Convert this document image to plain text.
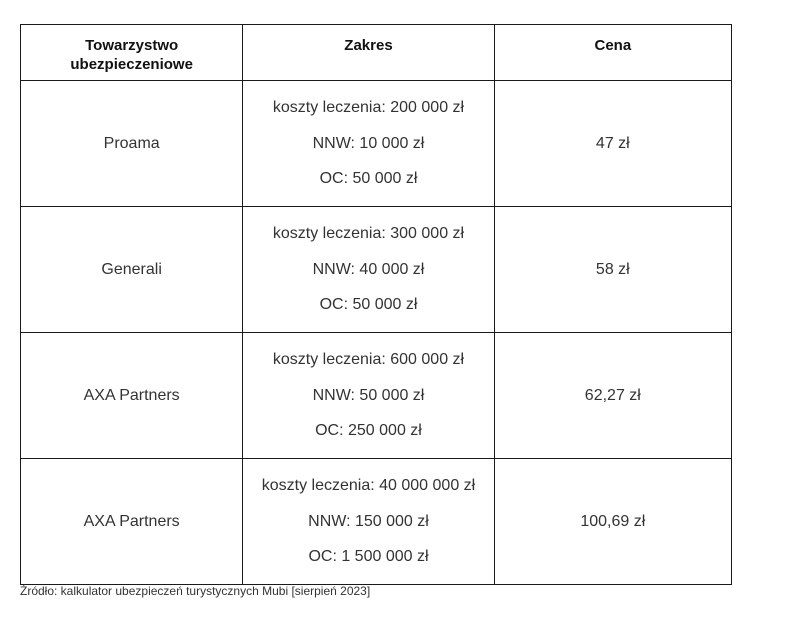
Towarzystwo
ubezpieczeniowe	Zakres	Cena
Proama	koszty leczenia: 200 000 zł
NNW: 10 000 zł
OC: 50 000 zł	47 zł
Generali	koszty leczenia: 300 000 zł
NNW: 40 000 zł
OC: 50 000 zł	58 zł
AXA Partners	koszty leczenia: 600 000 zł
NNW: 50 000 zł
OC: 250 000 zł	62,27 zł
AXA Partners	koszty leczenia: 40 000 000 zł
NNW: 150 000 zł
OC: 1 500 000 zł	100,69 zł
Źródło: kalkulator ubezpieczeń turystycznych Mubi [sierpień 2023]
